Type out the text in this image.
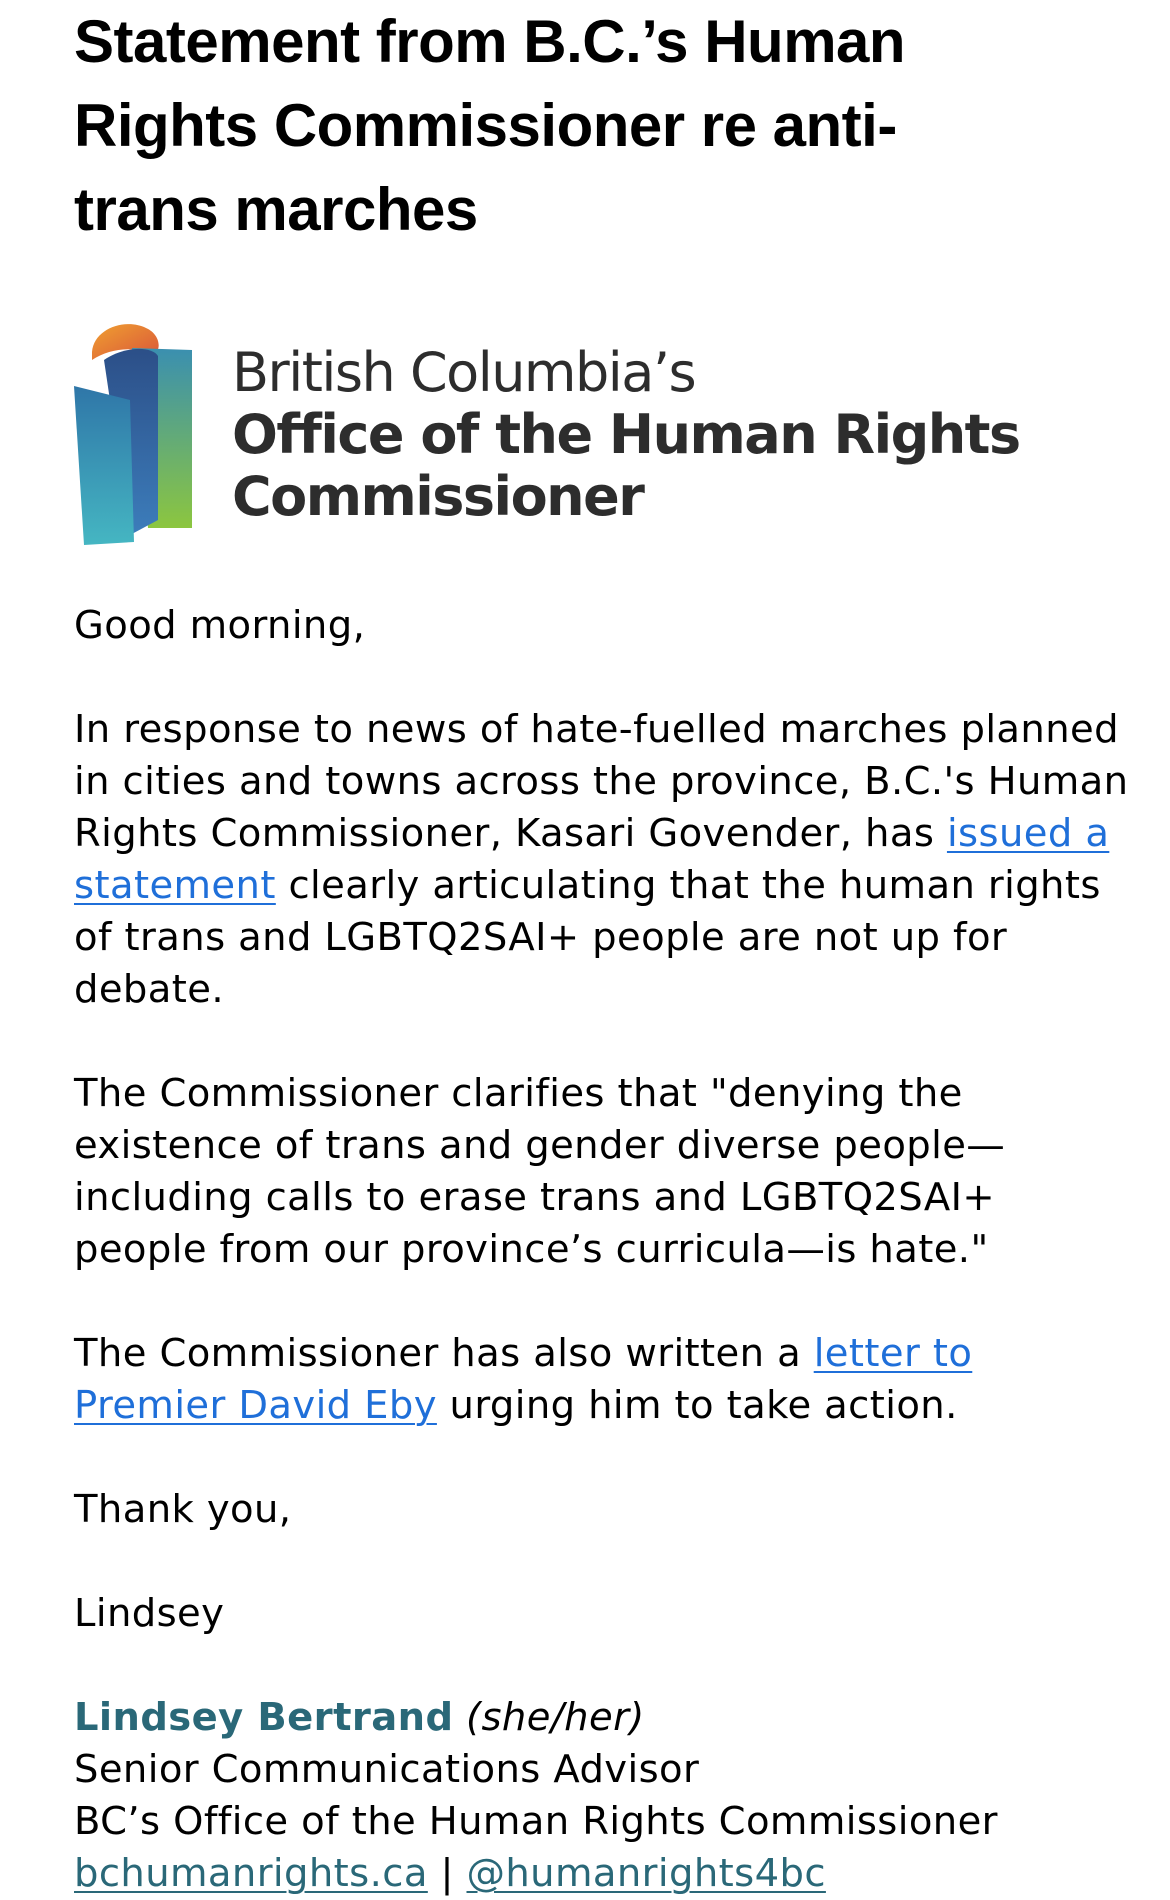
Statement from B.C.’s Human Rights Commissioner re anti-trans marches
British Columbia’s
Office of the Human Rights
Commissioner

Good morning,

In response to news of hate-fuelled marches planned in cities and towns across the province, B.C.'s Human Rights Commissioner, Kasari Govender, has issued a statement clearly articulating that the human rights of trans and LGBTQ2SAI+ people are not up for debate.

The Commissioner clarifies that "denying the existence of trans and gender diverse people—including calls to erase trans and LGBTQ2SAI+ people from our province’s curricula—is hate."

The Commissioner has also written a letter to Premier David Eby urging him to take action.

Thank you,

Lindsey

Lindsey Bertrand (she/her)

Senior Communications Advisor

BC’s Office of the Human Rights Commissioner

bchumanrights.ca | @humanrights4bc
